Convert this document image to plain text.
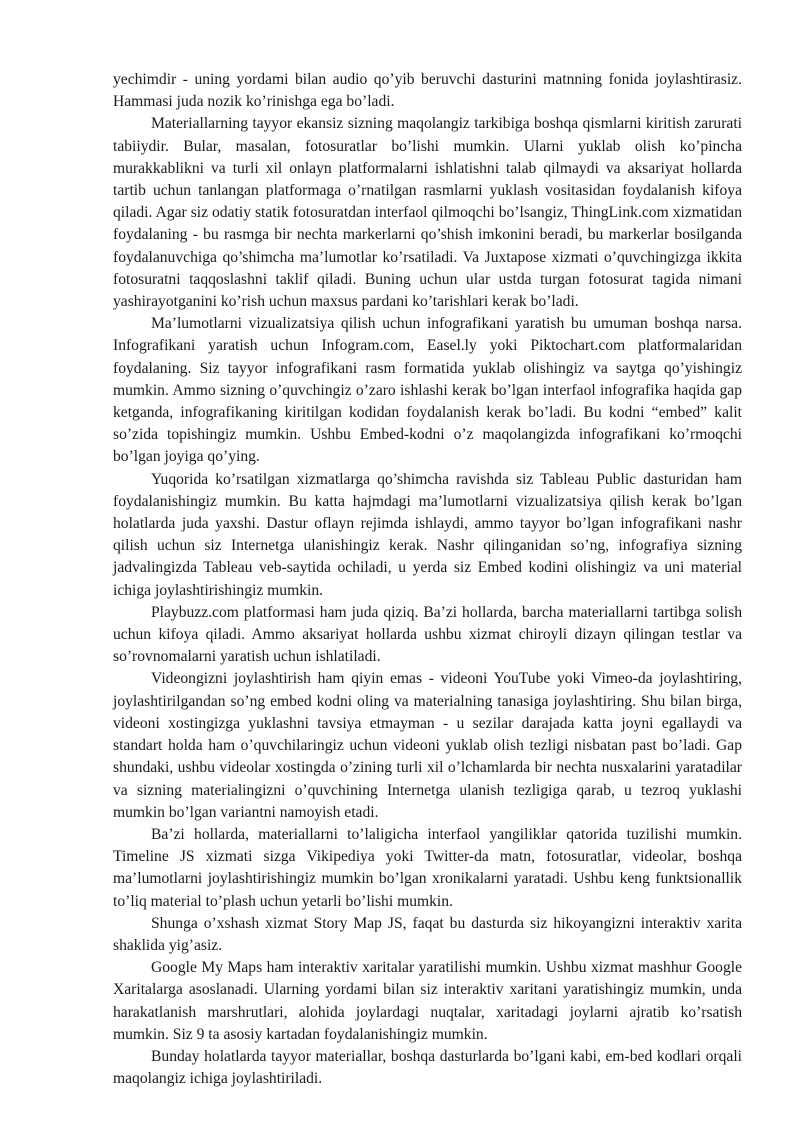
yechimdir - uning yordami bilan audio qo’yib beruvchi dasturini matnning fonida joylashtirasiz. Hammasi juda nozik ko’rinishga ega bo’ladi.

Materiallarning tayyor ekansiz sizning maqolangiz tarkibiga boshqa qismlarni kiritish zarurati tabiiydir. Bular, masalan, fotosuratlar bo’lishi mumkin. Ularni yuklab olish ko’pincha murakkablikni va turli xil onlayn platformalarni ishlatishni talab qilmaydi va aksariyat hollarda tartib uchun tanlangan platformaga o’rnatilgan rasmlarni yuklash vositasidan foydalanish kifoya qiladi. Agar siz odatiy statik fotosuratdan interfaol qilmoqchi bo’lsangiz, ThingLink.com xizmatidan foydalaning - bu rasmga bir nechta markerlarni qo’shish imkonini beradi, bu markerlar bosilganda foydalanuvchiga qo’shimcha ma’lumotlar ko’rsatiladi. Va Juxtapose xizmati o’quvchingizga ikkita fotosuratni taqqoslashni taklif qiladi. Buning uchun ular ustda turgan fotosurat tagida nimani yashirayotganini ko’rish uchun maxsus pardani ko’tarishlari kerak bo’ladi.

Ma’lumotlarni vizualizatsiya qilish uchun infografikani yaratish bu umuman boshqa narsa. Infografikani yaratish uchun Infogram.com, Easel.ly yoki Piktochart.com platformalaridan foydalaning. Siz tayyor infografikani rasm formatida yuklab olishingiz va saytga qo’yishingiz mumkin. Ammo sizning o’quvchingiz o’zaro ishlashi kerak bo’lgan interfaol infografika haqida gap ketganda, infografikaning kiritilgan kodidan foydalanish kerak bo’ladi. Bu kodni “embed” kalit so’zida topishingiz mumkin. Ushbu Embed-kodni o’z maqolangizda infografikani ko’rmoqchi bo’lgan joyiga qo’ying.

Yuqorida ko’rsatilgan xizmatlarga qo’shimcha ravishda siz Tableau Public dasturidan ham foydalanishingiz mumkin. Bu katta hajmdagi ma’lumotlarni vizualizatsiya qilish kerak bo’lgan holatlarda juda yaxshi. Dastur oflayn rejimda ishlaydi, ammo tayyor bo’lgan infografikani nashr qilish uchun siz Internetga ulanishingiz kerak. Nashr qilinganidan so’ng, infografiya sizning jadvalingizda Tableau veb-saytida ochiladi, u yerda siz Embed kodini olishingiz va uni material ichiga joylashtirishingiz mumkin.

Playbuzz.com platformasi ham juda qiziq. Ba’zi hollarda, barcha materiallarni tartibga solish uchun kifoya qiladi. Ammo aksariyat hollarda ushbu xizmat chiroyli dizayn qilingan testlar va so’rovnomalarni yaratish uchun ishlatiladi.

Videongizni joylashtirish ham qiyin emas - videoni YouTube yoki Vimeo-da joylashtiring, joylashtirilgandan so’ng embed kodni oling va materialning tanasiga joylashtiring. Shu bilan birga, videoni xostingizga yuklashni tavsiya etmayman - u sezilar darajada katta joyni egallaydi va standart holda ham o’quvchilaringiz uchun videoni yuklab olish tezligi nisbatan past bo’ladi. Gap shundaki, ushbu videolar xostingda o’zining turli xil o’lchamlarda bir nechta nusxalarini yaratadilar va sizning materialingizni o’quvchining Internetga ulanish tezligiga qarab, u tezroq yuklashi mumkin bo’lgan variantni namoyish etadi.

Ba’zi hollarda, materiallarni to’laligicha interfaol yangiliklar qatorida tuzilishi mumkin. Timeline JS xizmati sizga Vikipediya yoki Twitter-da matn, fotosuratlar, videolar, boshqa ma’lumotlarni joylashtirishingiz mumkin bo’lgan xronikalarni yaratadi. Ushbu keng funktsionallik to’liq material to’plash uchun yetarli bo’lishi mumkin.

Shunga o’xshash xizmat Story Map JS, faqat bu dasturda siz hikoyangizni interaktiv xarita shaklida yig’asiz.

Google My Maps ham interaktiv xaritalar yaratilishi mumkin. Ushbu xizmat mashhur Google Xaritalarga asoslanadi. Ularning yordami bilan siz interaktiv xaritani yaratishingiz mumkin, unda harakatlanish marshrutlari, alohida joylardagi nuqtalar, xaritadagi joylarni ajratib ko’rsatish mumkin. Siz 9 ta asosiy kartadan foydalanishingiz mumkin.

Bunday holatlarda tayyor materiallar, boshqa dasturlarda bo’lgani kabi, em-bed kodlari orqali maqolangiz ichiga joylashtiriladi.
